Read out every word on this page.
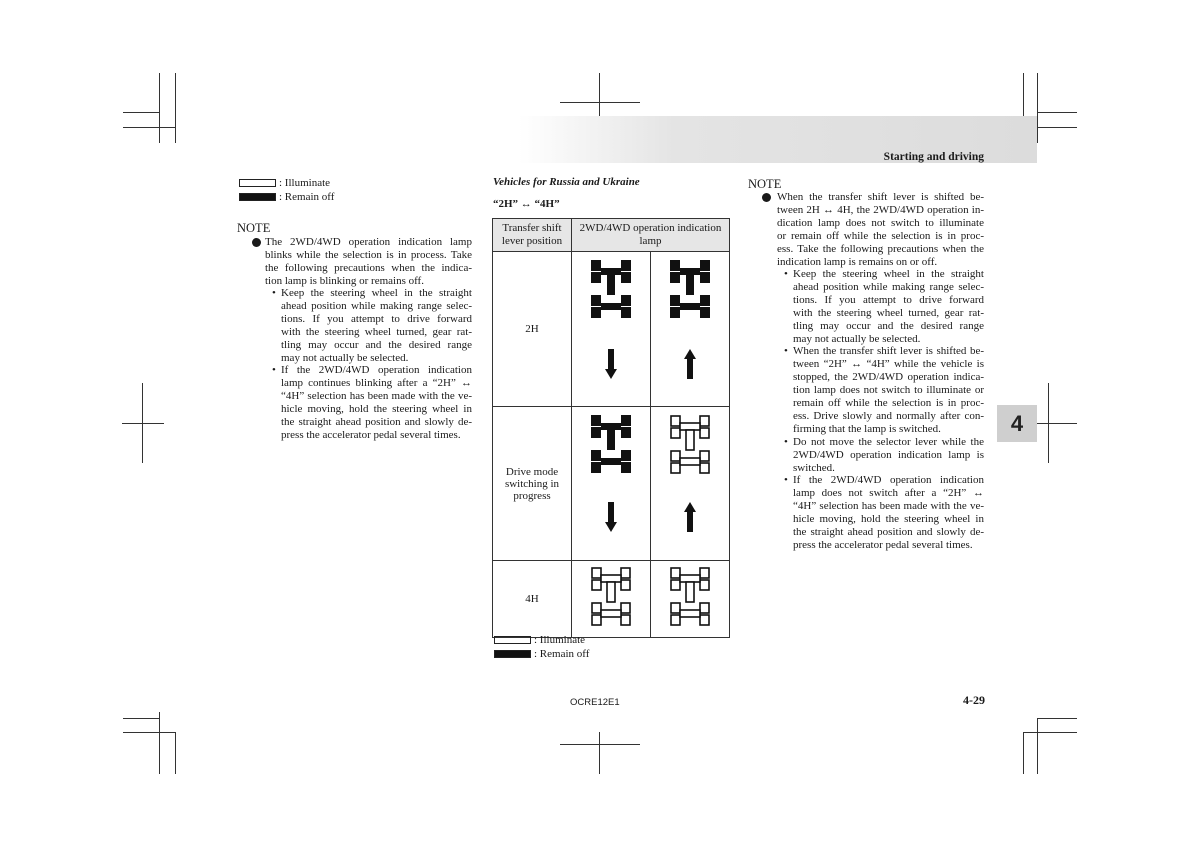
Starting and driving
4
: Illuminate
: Remain off
NOTE
The 2WD/4WD operation indication lamp
blinks while the selection is in process. Take
the following precautions when the indica-
tion lamp is blinking or remains off.
• Keep the steering wheel in the straight
ahead position while making range selec-
tions. If you attempt to drive forward
with the steering wheel turned, gear rat-
tling may occur and the desired range
may not actually be selected.
• If the 2WD/4WD operation indication
lamp continues blinking after a “2H” ↔
“4H” selection has been made with the ve-
hicle moving, hold the steering wheel in
the straight ahead position and slowly de-
press the accelerator pedal several times.
Vehicles for Russia and Ukraine
“2H” ↔ “4H”
Transfer shift
lever position	2WD/4WD operation indication
lamp	
2H		
Drive mode
switching in
progress		
4H		
: Illuminate
: Remain off
NOTE
When the transfer shift lever is shifted be-
tween 2H ↔ 4H, the 2WD/4WD operation in-
dication lamp does not switch to illuminate
or remain off while the selection is in proc-
ess. Take the following precautions when the
indication lamp is remains on or off.
• Keep the steering wheel in the straight
ahead position while making range selec-
tions. If you attempt to drive forward
with the steering wheel turned, gear rat-
tling may occur and the desired range
may not actually be selected.
• When the transfer shift lever is shifted be-
tween “2H” ↔ “4H” while the vehicle is
stopped, the 2WD/4WD operation indica-
tion lamp does not switch to illuminate or
remain off while the selection is in proc-
ess. Drive slowly and normally after con-
firming that the lamp is switched.
• Do not move the selector lever while the
2WD/4WD operation indication lamp is
switched.
• If the 2WD/4WD operation indication
lamp does not switch after a “2H” ↔
“4H” selection has been made with the ve-
hicle moving, hold the steering wheel in
the straight ahead position and slowly de-
press the accelerator pedal several times.
OCRE12E1	4-29
